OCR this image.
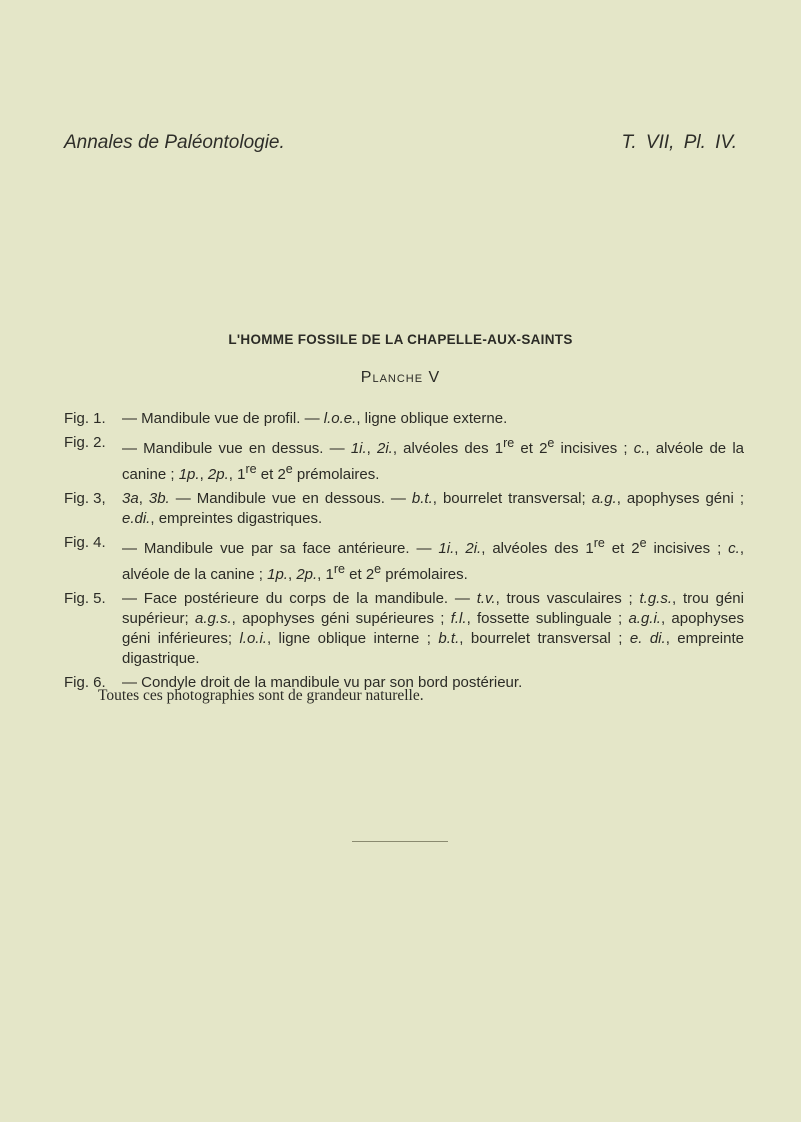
Annales de Paléontologie.	T. VII, Pl. IV.
L'HOMME FOSSILE DE LA CHAPELLE-AUX-SAINTS
Planche V
Fig. 1.	— Mandibule vue de profil. — l.o.e., ligne oblique externe.
Fig. 2.	— Mandibule vue en dessus. — 1i., 2i., alvéoles des 1re et 2e incisives ; c., alvéole de la canine ; 1p., 2p., 1re et 2e prémolaires.
Fig. 3,	3a, 3b. — Mandibule vue en dessous. — b.t., bourrelet transversal; a.g., apophyses géni ; e.di., empreintes digastriques.
Fig. 4.	— Mandibule vue par sa face antérieure. — 1i., 2i., alvéoles des 1re et 2e incisives ; c., alvéole de la canine ; 1p., 2p., 1re et 2e prémolaires.
Fig. 5.	— Face postérieure du corps de la mandibule. — t.v., trous vasculaires ; t.g.s., trou géni supérieur; a.g.s., apophyses géni supérieures ; f.l., fossette sublinguale ; a.g.i., apophyses géni inférieures; l.o.i., ligne oblique interne ; b.t., bourrelet transversal ; e. di., empreinte digastrique.
Fig. 6.	— Condyle droit de la mandibule vu par son bord postérieur.
Toutes ces photographies sont de grandeur naturelle.
